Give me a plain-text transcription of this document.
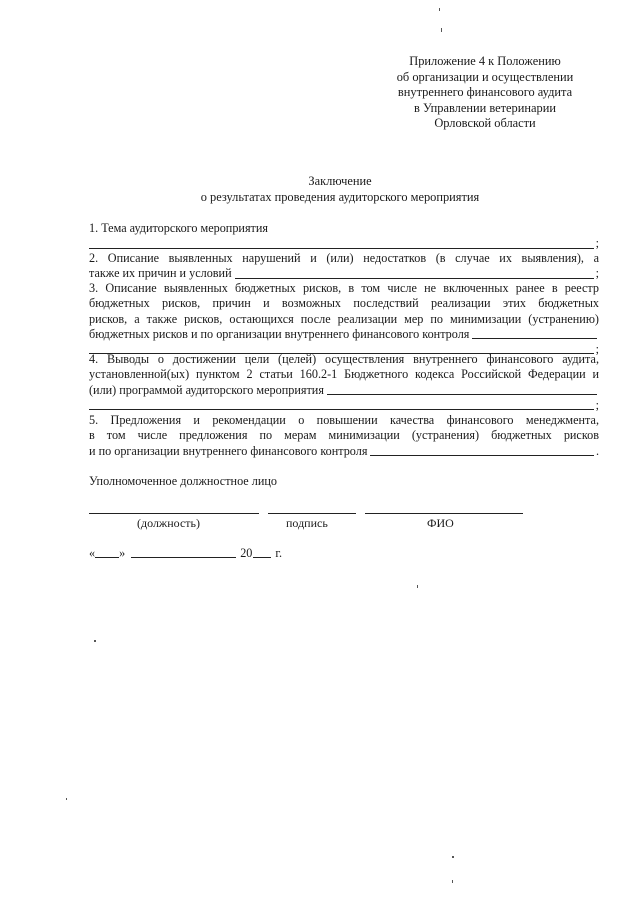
Приложение 4 к Положению
об организации и осуществлении
внутреннего финансового аудита
в Управлении ветеринарии
Орловской области
Заключение
о результатах проведения аудиторского мероприятия
1. Тема аудиторского мероприятия
;
2. Описание выявленных нарушений и (или) недостатков (в случае их выявления), а
также их причин и условий	;
3. Описание выявленных бюджетных рисков, в том числе не включенных ранее в реестр
бюджетных рисков, причин и возможных последствий реализации этих бюджетных
рисков, а также рисков, остающихся после реализации мер по минимизации (устранению)
бюджетных рисков и по организации внутреннего финансового контроля
;
4. Выводы о достижении цели (целей) осуществления внутреннего финансового аудита,
установленной(ых) пунктом 2 статьи 160.2-1 Бюджетного кодекса Российской Федерации и
(или) программой аудиторского мероприятия
;
5. Предложения и рекомендации о повышении качества финансового менеджмента,
в том числе предложения по мерам минимизации (устранения) бюджетных рисков
и по организации внутреннего финансового контроля	.
Уполномоченное должностное лицо
(должность)	подпись	ФИО
« »	20 г.
